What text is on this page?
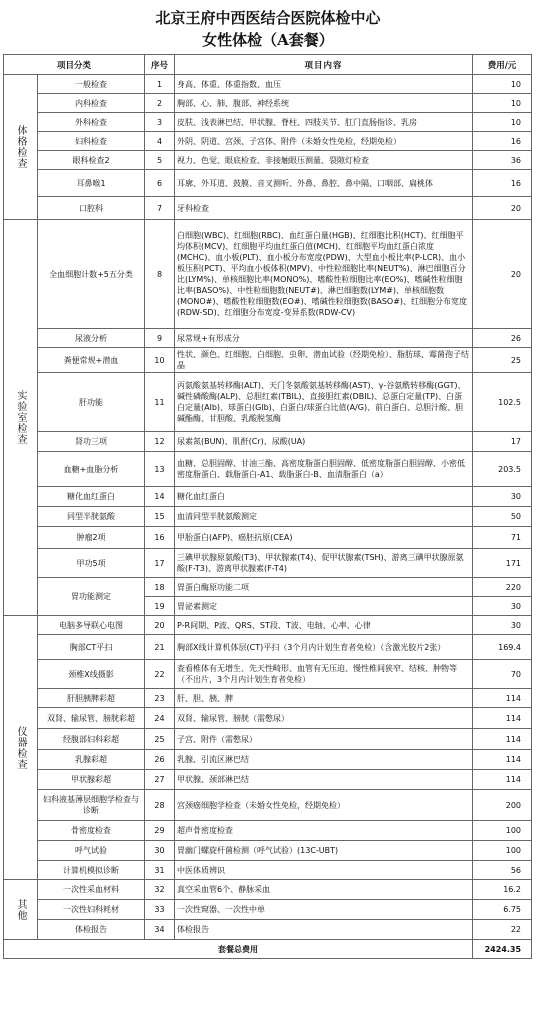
北京王府中西医结合医院体检中心
女性体检（A套餐）
项目分类		序号	项目内容	费用/元
体格检查	一般检查	1	身高、体重、体重指数、血压	10
	内科检查	2	胸部、心、肺、腹部、神经系统	10
	外科检查	3	皮肤、浅表淋巴结、甲状腺、脊柱、四肢关节、肛门直肠指诊、乳房	10
	妇科检查	4	外阴、阴道、宫颈、子宫体、附件（未婚女性免检，经期免检）	16
	眼科检查2	5	视力、色觉、眼底检查、非接触眼压测量、裂隙灯检查	36
	耳鼻喉1	6	耳廓、外耳道、鼓膜、音叉测听、外鼻、鼻腔、鼻中隔、口咽部、扁桃体	16
	口腔科	7	牙科检查	20
实验室检查	全血细胞计数+5五分类	8	白细胞(WBC)、红细胞(RBC)、血红蛋白量(HGB)、红细胞比积(HCT)、红细胞平均体积(MCV)、红细胞平均血红蛋白值(MCH)、红细胞平均血红蛋白浓度(MCHC)、血小板(PLT)、血小板分布宽度(PDW)、大型血小板比率(P-LCR)、血小板压积(PCT)、平均血小板体积(MPV)、中性粒细胞比率(NEUT%)、淋巴细胞百分比(LYM%)、单核细胞比率(MONO%)、嗜酸性粒细胞比率(EO%)、嗜碱性粒细胞比率(BASO%)、中性粒细胞数(NEUT#)、淋巴细胞数(LYM#)、单核细胞数(MONO#)、嗜酸性粒细胞数(EO#)、嗜碱性粒细胞数(BASO#)、红细胞分布宽度(RDW-SD)、红细胞分布宽度-变异系数(RDW-CV)	20
	尿液分析	9	尿常规+有形成分	26
	粪便常规+潜血	10	性状、颜色、红细胞、白细胞、虫卵、潜血试验（经期免检）、脂肪球、霉菌孢子结晶	25
	肝功能	11	丙氨酸氨基转移酶(ALT)、天门冬氨酸氨基转移酶(AST)、γ-谷氨酰转移酶(GGT)、碱性磷酸酶(ALP)、总胆红素(TBIL)、直接胆红素(DBIL)、总蛋白定量(TP)、白蛋白定量(Alb)、球蛋白(Glb)、白蛋白/球蛋白比值(A/G)、前白蛋白、总胆汁酸、胆碱酯酶、甘胆酸、乳酸脱氢酶	102.5
	肾功三项	12	尿素氮(BUN)、肌酐(Cr)、尿酸(UA)	17
	血糖+血脂分析	13	血糖、总胆固醇、甘油三酯、高密度脂蛋白胆固醇、低密度脂蛋白胆固醇、小密低密度脂蛋白、载脂蛋白-A1、载脂蛋白-B、血清脂蛋白（a）	203.5
	糖化血红蛋白	14	糖化血红蛋白	30
	同型半胱氨酸	15	血清同型半胱氨酸测定	50
	肿瘤2项	16	甲胎蛋白(AFP)、癌胚抗原(CEA)	71
	甲功5项	17	三碘甲状腺原氨酸(T3)、甲状腺素(T4)、促甲状腺素(TSH)、游离三碘甲状腺原氨酸(F-T3)、游离甲状腺素(F-T4)	171
	胃功能测定	18	胃蛋白酶原功能二项	220
		19	胃泌素测定	30
仪器检查	电脑多导联心电图	20	P-R间期、P波、QRS、ST段、T波、电轴、心率、心律	30
	胸部CT平扫	21	胸部X线计算机体层(CT)平扫（3个月内计划生育者免检）（含激光胶片2张）	169.4
	颈椎X线摄影	22	查看椎体有无增生、先天性畸形、血管有无压迫、慢性椎间狭窄、结核、肿物等（不出片，3个月内计划生育者免检）	70
	肝胆胰脾彩超	23	肝、胆、胰、脾	114
	双肾、输尿管、膀胱彩超	24	双肾、输尿管、膀胱（需憋尿）	114
	经腹部妇科彩超	25	子宫、附件（需憋尿）	114
	乳腺彩超	26	乳腺、引流区淋巴结	114
	甲状腺彩超	27	甲状腺、颈部淋巴结	114
	妇科液基薄层细胞学检查与诊断	28	宫颈癌细胞学检查（未婚女性免检，经期免检）	200
	骨密度检查	29	超声骨密度检查	100
	呼气试验	30	胃幽门螺旋杆菌检测（呼气试验）(13C-UBT)	100
	计算机模拟诊断	31	中医体质辨识	56
其他	一次性采血材料	32	真空采血管6个、静脉采血	16.2
	一次性妇科耗材	33	一次性窥器、一次性中单	6.75
	体检报告	34	体检报告	22
套餐总费用				2424.35
